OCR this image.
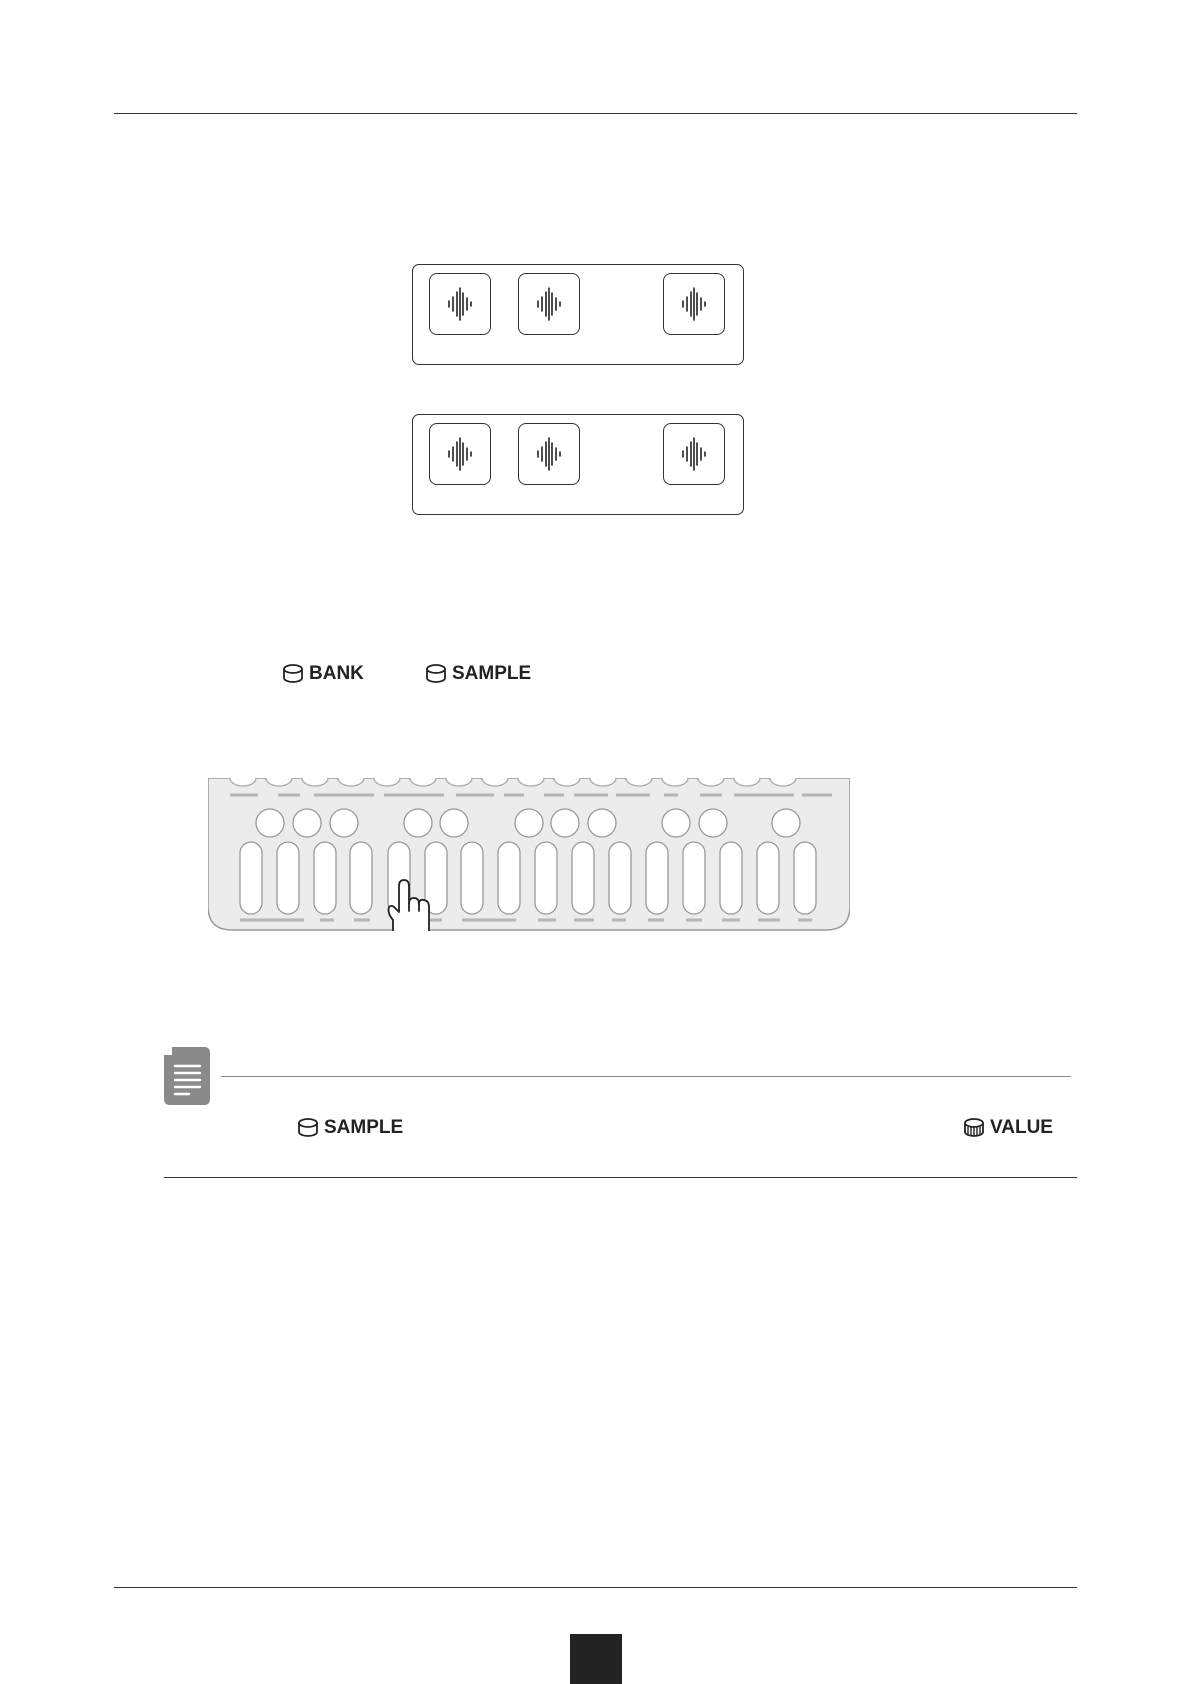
BANK	SAMPLE
SAMPLE	VALUE
